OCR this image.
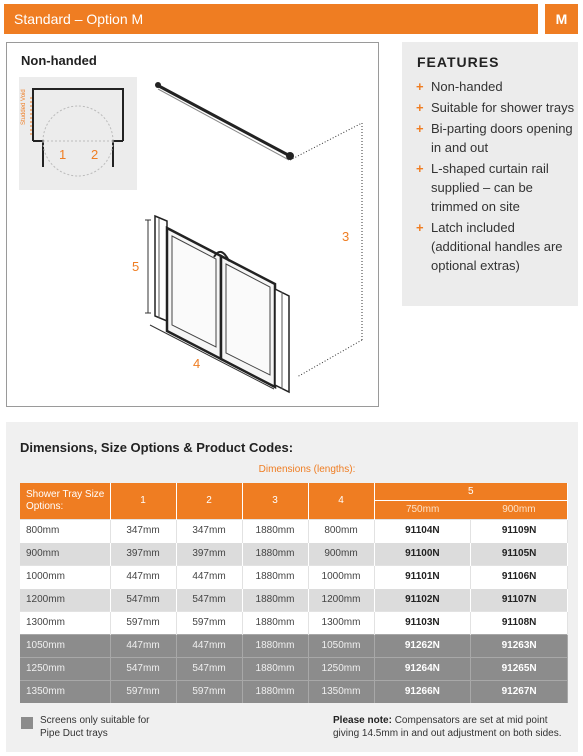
Standard – Option M	M
Non-handed
Studded Void
1 2
3
5
4
FEATURES
+ Non-handed
+ Suitable for shower trays
+ Bi-parting doors opening in and out
+ L-shaped curtain rail supplied – can be trimmed on site
+ Latch included (additional handles are optional extras)
Dimensions, Size Options & Product Codes:
Dimensions (lengths):
Shower Tray Size Options:	1	2	3	4	5
750mm 900mm	

800mm	347mm	347mm	1880mm	800mm	91104N	91109N
900mm	397mm	397mm	1880mm	900mm	91100N	91105N
1000mm	447mm	447mm	1880mm	1000mm	91101N	91106N
1200mm	547mm	547mm	1880mm	1200mm	91102N	91107N
1300mm	597mm	597mm	1880mm	1300mm	91103N	91108N
1050mm	447mm	447mm	1880mm	1050mm	91262N	91263N
1250mm	547mm	547mm	1880mm	1250mm	91264N	91265N
1350mm	597mm	597mm	1880mm	1350mm	91266N	91267N
Screens only suitable for Pipe Duct trays
Please note: Compensators are set at mid point giving 14.5mm in and out adjustment on both sides.
